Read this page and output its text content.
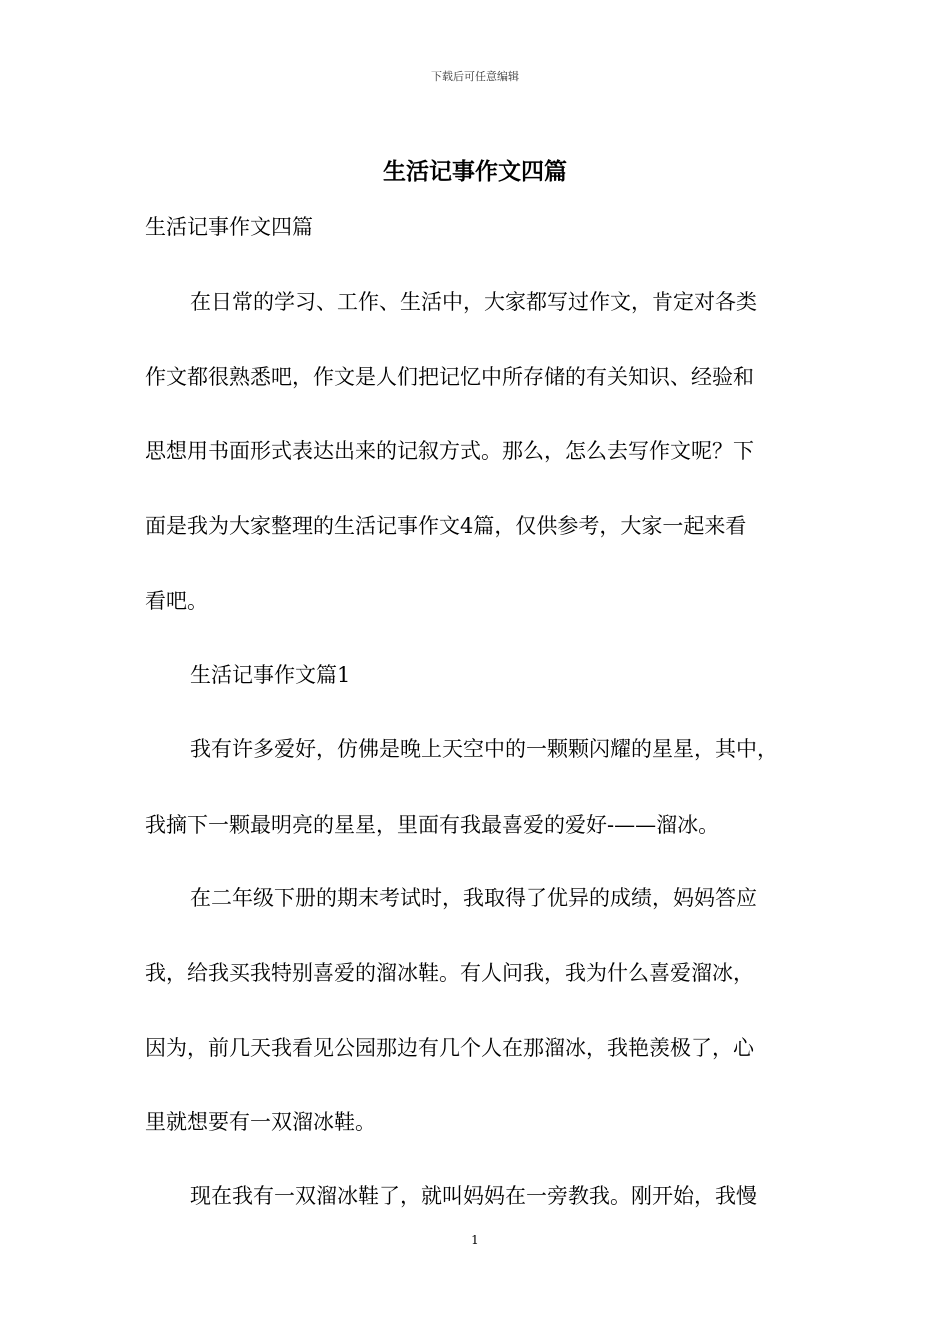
下载后可任意编辑
生活记事作文四篇
生活记事作文四篇
在日常的学习、工作、生活中，大家都写过作文，肯定对各类
作文都很熟悉吧，作文是人们把记忆中所存储的有关知识、经验和
思想用书面形式表达出来的记叙方式。那么，怎么去写作文呢？下
面是我为大家整理的生活记事作文4篇，仅供参考，大家一起来看
看吧。
生活记事作文篇1
我有许多爱好，仿佛是晚上天空中的一颗颗闪耀的星星，其中，
我摘下一颗最明亮的星星，里面有我最喜爱的爱好-——溜冰。
在二年级下册的期末考试时，我取得了优异的成绩，妈妈答应
我，给我买我特别喜爱的溜冰鞋。有人问我，我为什么喜爱溜冰，
因为，前几天我看见公园那边有几个人在那溜冰，我艳羡极了，心
里就想要有一双溜冰鞋。
现在我有一双溜冰鞋了，就叫妈妈在一旁教我。刚开始，我慢
1
